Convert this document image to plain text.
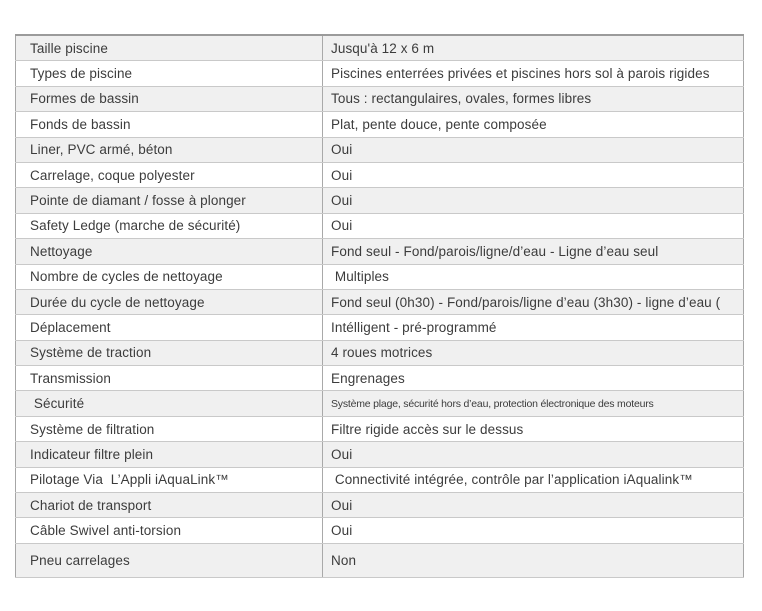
Taille piscine	Jusqu'à 12 x 6 m
Types de piscine	Piscines enterrées privées et piscines hors sol à parois rigides
Formes de bassin	Tous : rectangulaires, ovales, formes libres
Fonds de bassin	Plat, pente douce, pente composée
Liner, PVC armé, béton	Oui
Carrelage, coque polyester	Oui
Pointe de diamant / fosse à plonger	Oui
Safety Ledge (marche de sécurité)	Oui
Nettoyage	Fond seul - Fond/parois/ligne/d’eau - Ligne d’eau seul
Nombre de cycles de nettoyage	Multiples
Durée du cycle de nettoyage	Fond seul (0h30) - Fond/parois/ligne d’eau (3h30) - ligne d’eau (
Déplacement	Intélligent - pré-programmé
Système de traction	4 roues motrices
Transmission	Engrenages
Sécurité	Système plage, sécurité hors d’eau, protection électronique des moteurs
Système de filtration	Filtre rigide accès sur le dessus
Indicateur filtre plein	Oui
Pilotage Via  L’Appli iAquaLink™	Connectivité intégrée, contrôle par l’application iAqualink™
Chariot de transport	Oui
Câble Swivel anti-torsion	Oui
Pneu carrelages	Non
